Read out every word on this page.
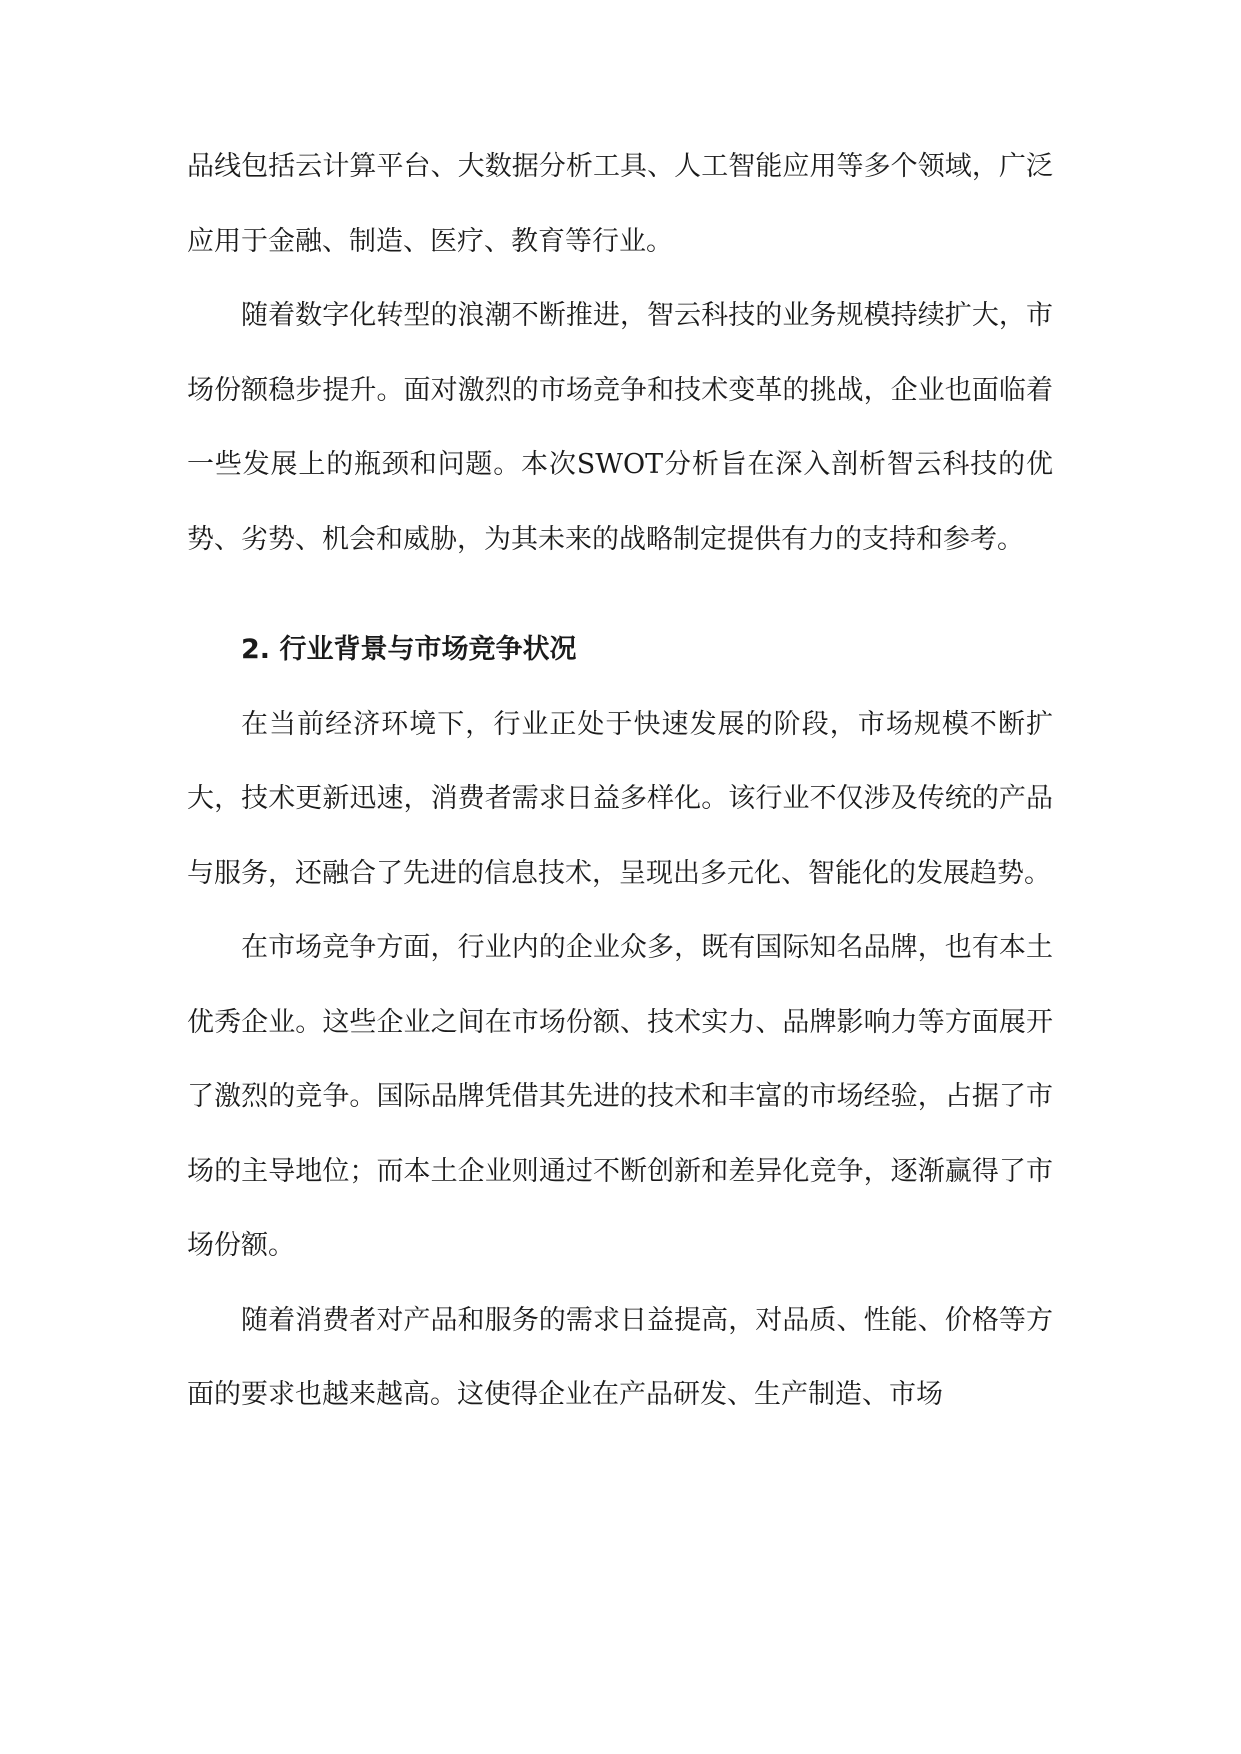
品线包括云计算平台、大数据分析工具、人工智能应用等多个领域，广泛应用于金融、制造、医疗、教育等行业。

随着数字化转型的浪潮不断推进，智云科技的业务规模持续扩大，市场份额稳步提升。面对激烈的市场竞争和技术变革的挑战，企业也面临着一些发展上的瓶颈和问题。本次SWOT分析旨在深入剖析智云科技的优势、劣势、机会和威胁，为其未来的战略制定提供有力的支持和参考。

2. 行业背景与市场竞争状况

在当前经济环境下，行业正处于快速发展的阶段，市场规模不断扩大，技术更新迅速，消费者需求日益多样化。该行业不仅涉及传统的产品与服务，还融合了先进的信息技术，呈现出多元化、智能化的发展趋势。

在市场竞争方面，行业内的企业众多，既有国际知名品牌，也有本土优秀企业。这些企业之间在市场份额、技术实力、品牌影响力等方面展开了激烈的竞争。国际品牌凭借其先进的技术和丰富的市场经验，占据了市场的主导地位；而本土企业则通过不断创新和差异化竞争，逐渐赢得了市场份额。

随着消费者对产品和服务的需求日益提高，对品质、性能、价格等方面的要求也越来越高。这使得企业在产品研发、生产制造、市场
